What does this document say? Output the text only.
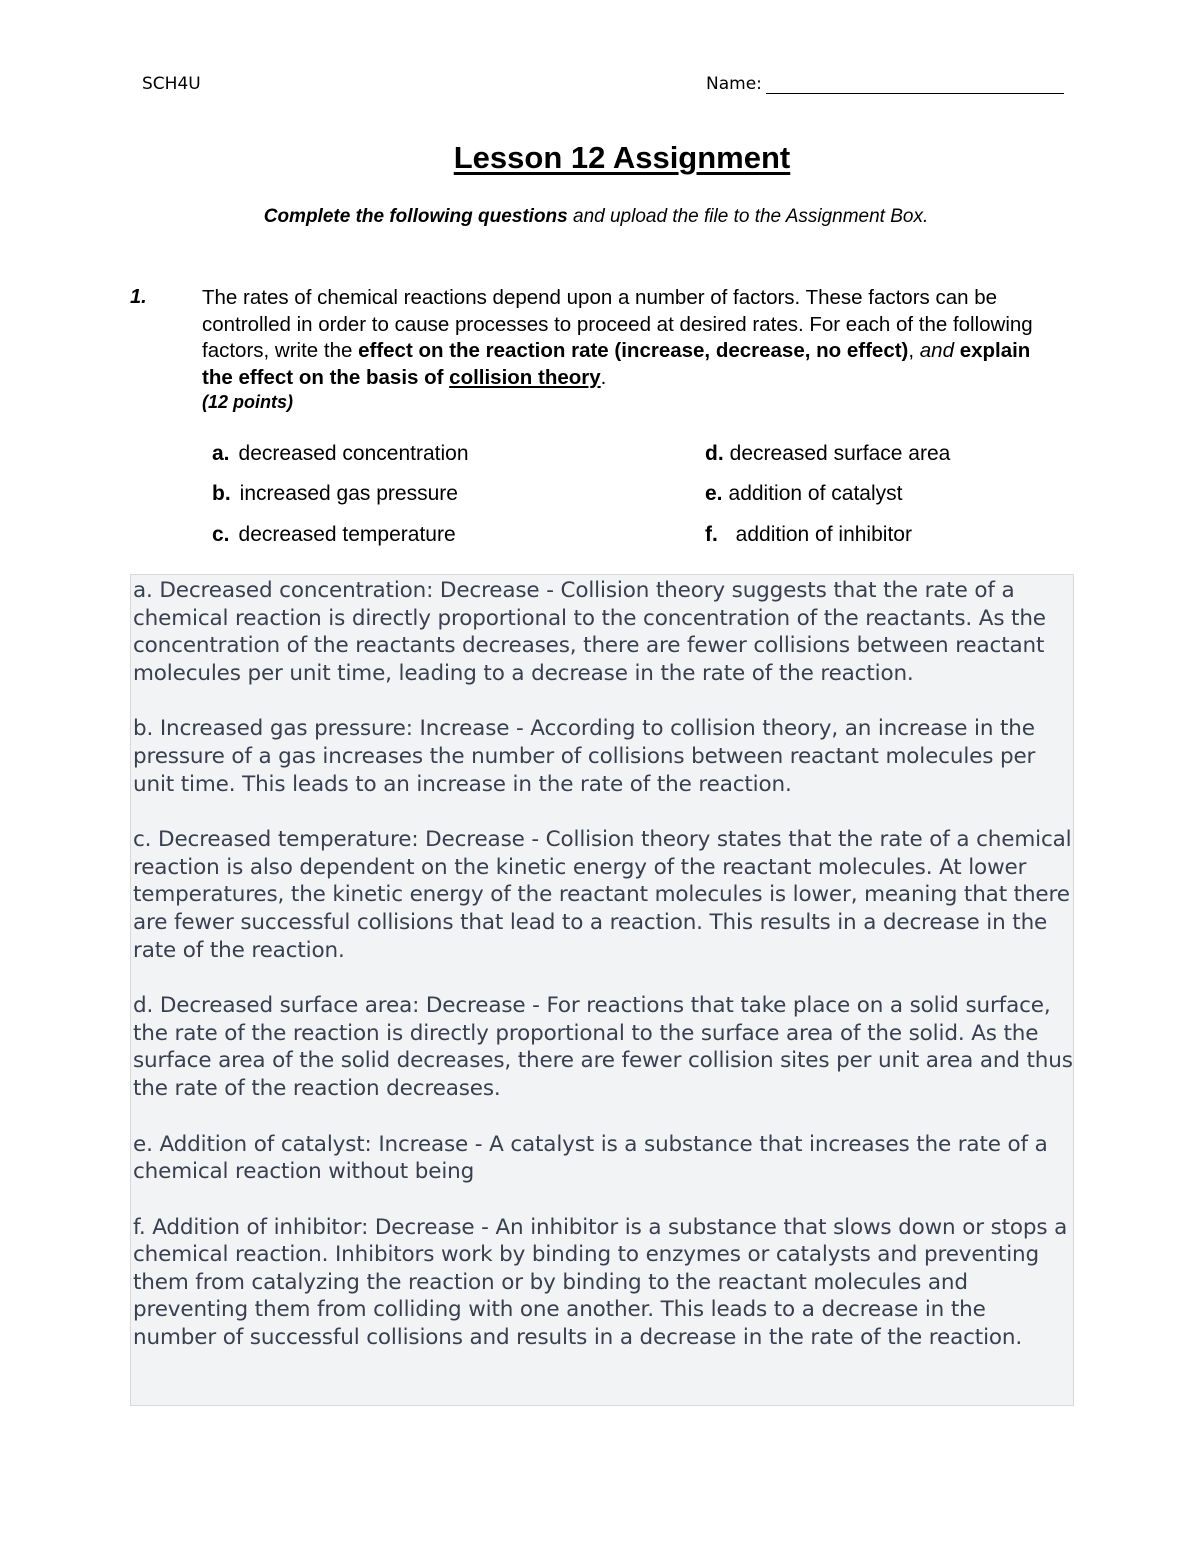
SCH4U	Name:
Lesson 12 Assignment
Complete the following questions and upload the file to the Assignment Box.
1.	The rates of chemical reactions depend upon a number of factors. These factors can be controlled in order to cause processes to proceed at desired rates. For each of the following factors, write the effect on the reaction rate (increase, decrease, no effect), and explain the effect on the basis of collision theory.
(12 points)
a. decreased concentration
b. increased gas pressure
c. decreased temperature
d. decreased surface area
e. addition of catalyst
f. addition of inhibitor

a. Decreased concentration: Decrease - Collision theory suggests that the rate of a chemical reaction is directly proportional to the concentration of the reactants. As the concentration of the reactants decreases, there are fewer collisions between reactant molecules per unit time, leading to a decrease in the rate of the reaction.

b. Increased gas pressure: Increase - According to collision theory, an increase in the pressure of a gas increases the number of collisions between reactant molecules per unit time. This leads to an increase in the rate of the reaction.

c. Decreased temperature: Decrease - Collision theory states that the rate of a chemical reaction is also dependent on the kinetic energy of the reactant molecules. At lower temperatures, the kinetic energy of the reactant molecules is lower, meaning that there are fewer successful collisions that lead to a reaction. This results in a decrease in the rate of the reaction.

d. Decreased surface area: Decrease - For reactions that take place on a solid surface, the rate of the reaction is directly proportional to the surface area of the solid. As the surface area of the solid decreases, there are fewer collision sites per unit area and thus the rate of the reaction decreases.

e. Addition of catalyst: Increase - A catalyst is a substance that increases the rate of a chemical reaction without being

f. Addition of inhibitor: Decrease - An inhibitor is a substance that slows down or stops a chemical reaction. Inhibitors work by binding to enzymes or catalysts and preventing them from catalyzing the reaction or by binding to the reactant molecules and preventing them from colliding with one another. This leads to a decrease in the number of successful collisions and results in a decrease in the rate of the reaction.
